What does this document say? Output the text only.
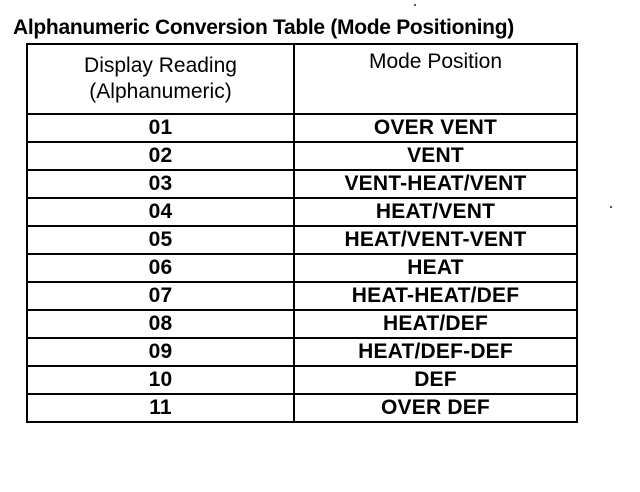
Alphanumeric Conversion Table (Mode Positioning)
Display Reading
(Alphanumeric)	Mode Position

01	OVER VENT
02	VENT
03	VENT-HEAT/VENT
04	HEAT/VENT
05	HEAT/VENT-VENT
06	HEAT
07	HEAT-HEAT/DEF
08	HEAT/DEF
09	HEAT/DEF-DEF
10	DEF
11	OVER DEF
